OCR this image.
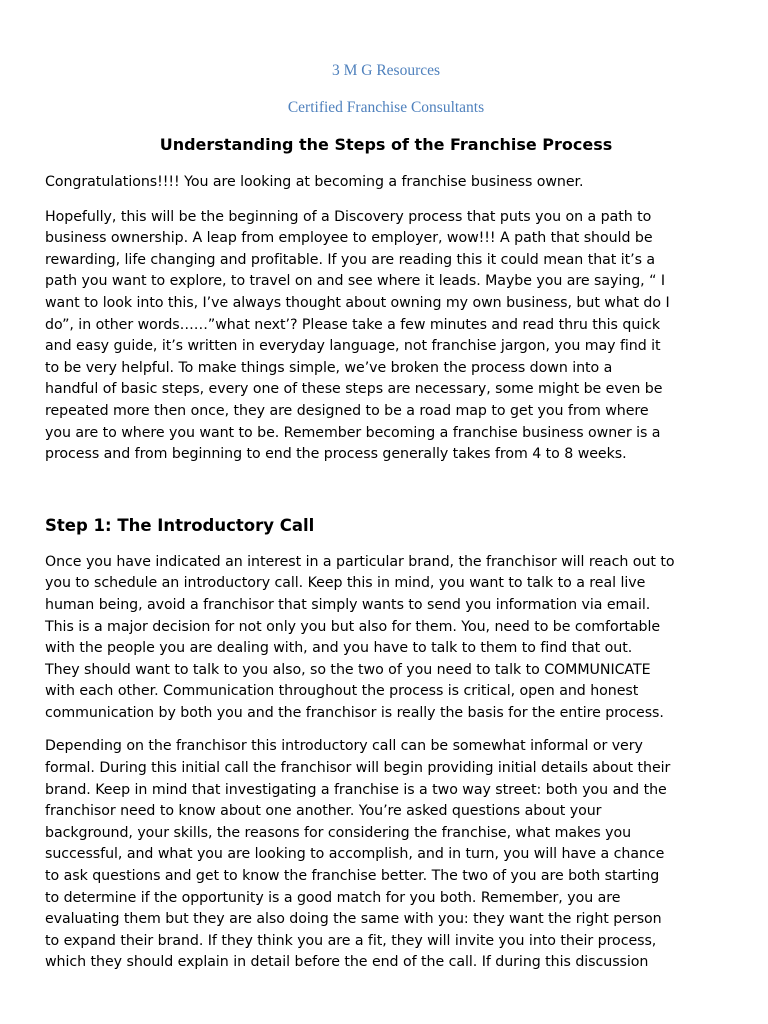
3 M G Resources

Certified Franchise Consultants

Understanding the Steps of the Franchise Process

Congratulations!!!! You are looking at becoming a franchise business owner.

Hopefully, this will be the beginning of a Discovery process that puts you on a path to
business ownership. A leap from employee to employer, wow!!! A path that should be
rewarding, life changing and profitable. If you are reading this it could mean that it’s a
path you want to explore, to travel on and see where it leads. Maybe you are saying, “ I
want to look into this, I’ve always thought about owning my own business, but what do I
do”, in other words……”what next’? Please take a few minutes and read thru this quick
and easy guide, it’s written in everyday language, not franchise jargon, you may find it
to be very helpful. To make things simple, we’ve broken the process down into a
handful of basic steps, every one of these steps are necessary, some might be even be
repeated more then once, they are designed to be a road map to get you from where
you are to where you want to be. Remember becoming a franchise business owner is a
process and from beginning to end the process generally takes from 4 to 8 weeks.

Step 1: The Introductory Call

Once you have indicated an interest in a particular brand, the franchisor will reach out to
you to schedule an introductory call. Keep this in mind, you want to talk to a real live
human being, avoid a franchisor that simply wants to send you information via email.
This is a major decision for not only you but also for them. You, need to be comfortable
with the people you are dealing with, and you have to talk to them to find that out.
They should want to talk to you also, so the two of you need to talk to COMMUNICATE
with each other. Communication throughout the process is critical, open and honest
communication by both you and the franchisor is really the basis for the entire process.

Depending on the franchisor this introductory call can be somewhat informal or very
formal. During this initial call the franchisor will begin providing initial details about their
brand. Keep in mind that investigating a franchise is a two way street: both you and the
franchisor need to know about one another. You’re asked questions about your
background, your skills, the reasons for considering the franchise, what makes you
successful, and what you are looking to accomplish, and in turn, you will have a chance
to ask questions and get to know the franchise better. The two of you are both starting
to determine if the opportunity is a good match for you both. Remember, you are
evaluating them but they are also doing the same with you: they want the right person
to expand their brand. If they think you are a fit, they will invite you into their process,
which they should explain in detail before the end of the call. If during this discussion
